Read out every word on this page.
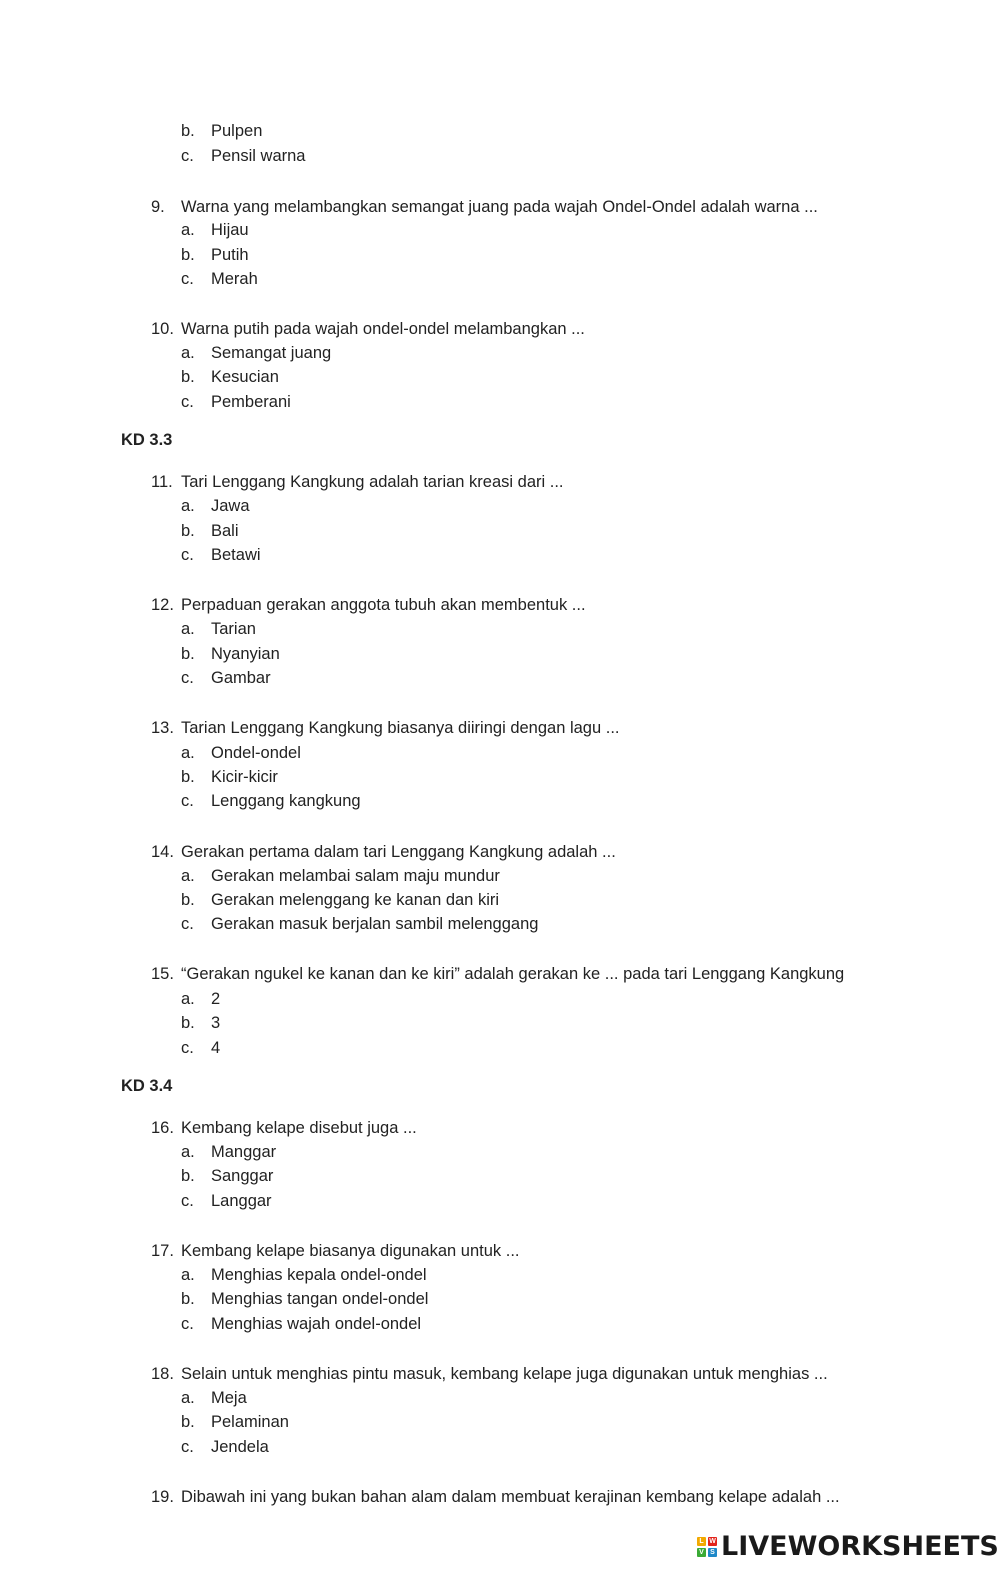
b. Pulpen
c. Pensil warna
9. Warna yang melambangkan semangat juang pada wajah Ondel-Ondel adalah warna ...
a. Hijau
b. Putih
c. Merah
10. Warna putih pada wajah ondel-ondel melambangkan ...
a. Semangat juang
b. Kesucian
c. Pemberani
KD 3.3
11. Tari Lenggang Kangkung adalah tarian kreasi dari ...
a. Jawa
b. Bali
c. Betawi
12. Perpaduan gerakan anggota tubuh akan membentuk ...
a. Tarian
b. Nyanyian
c. Gambar
13. Tarian Lenggang Kangkung biasanya diiringi dengan lagu ...
a. Ondel-ondel
b. Kicir-kicir
c. Lenggang kangkung
14. Gerakan pertama dalam tari Lenggang Kangkung adalah ...
a. Gerakan melambai salam maju mundur
b. Gerakan melenggang ke kanan dan kiri
c. Gerakan masuk berjalan sambil melenggang
15. “Gerakan ngukel ke kanan dan ke kiri” adalah gerakan ke ... pada tari Lenggang Kangkung
a. 2
b. 3
c. 4
KD 3.4
16. Kembang kelape disebut juga ...
a. Manggar
b. Sanggar
c. Langgar
17. Kembang kelape biasanya digunakan untuk ...
a. Menghias kepala ondel-ondel
b. Menghias tangan ondel-ondel
c. Menghias wajah ondel-ondel
18. Selain untuk menghias pintu masuk, kembang kelape juga digunakan untuk menghias ...
a. Meja
b. Pelaminan
c. Jendela
19. Dibawah ini yang bukan bahan alam dalam membuat kerajinan kembang kelape adalah ...
L W
V S LIVEWORKSHEETS
